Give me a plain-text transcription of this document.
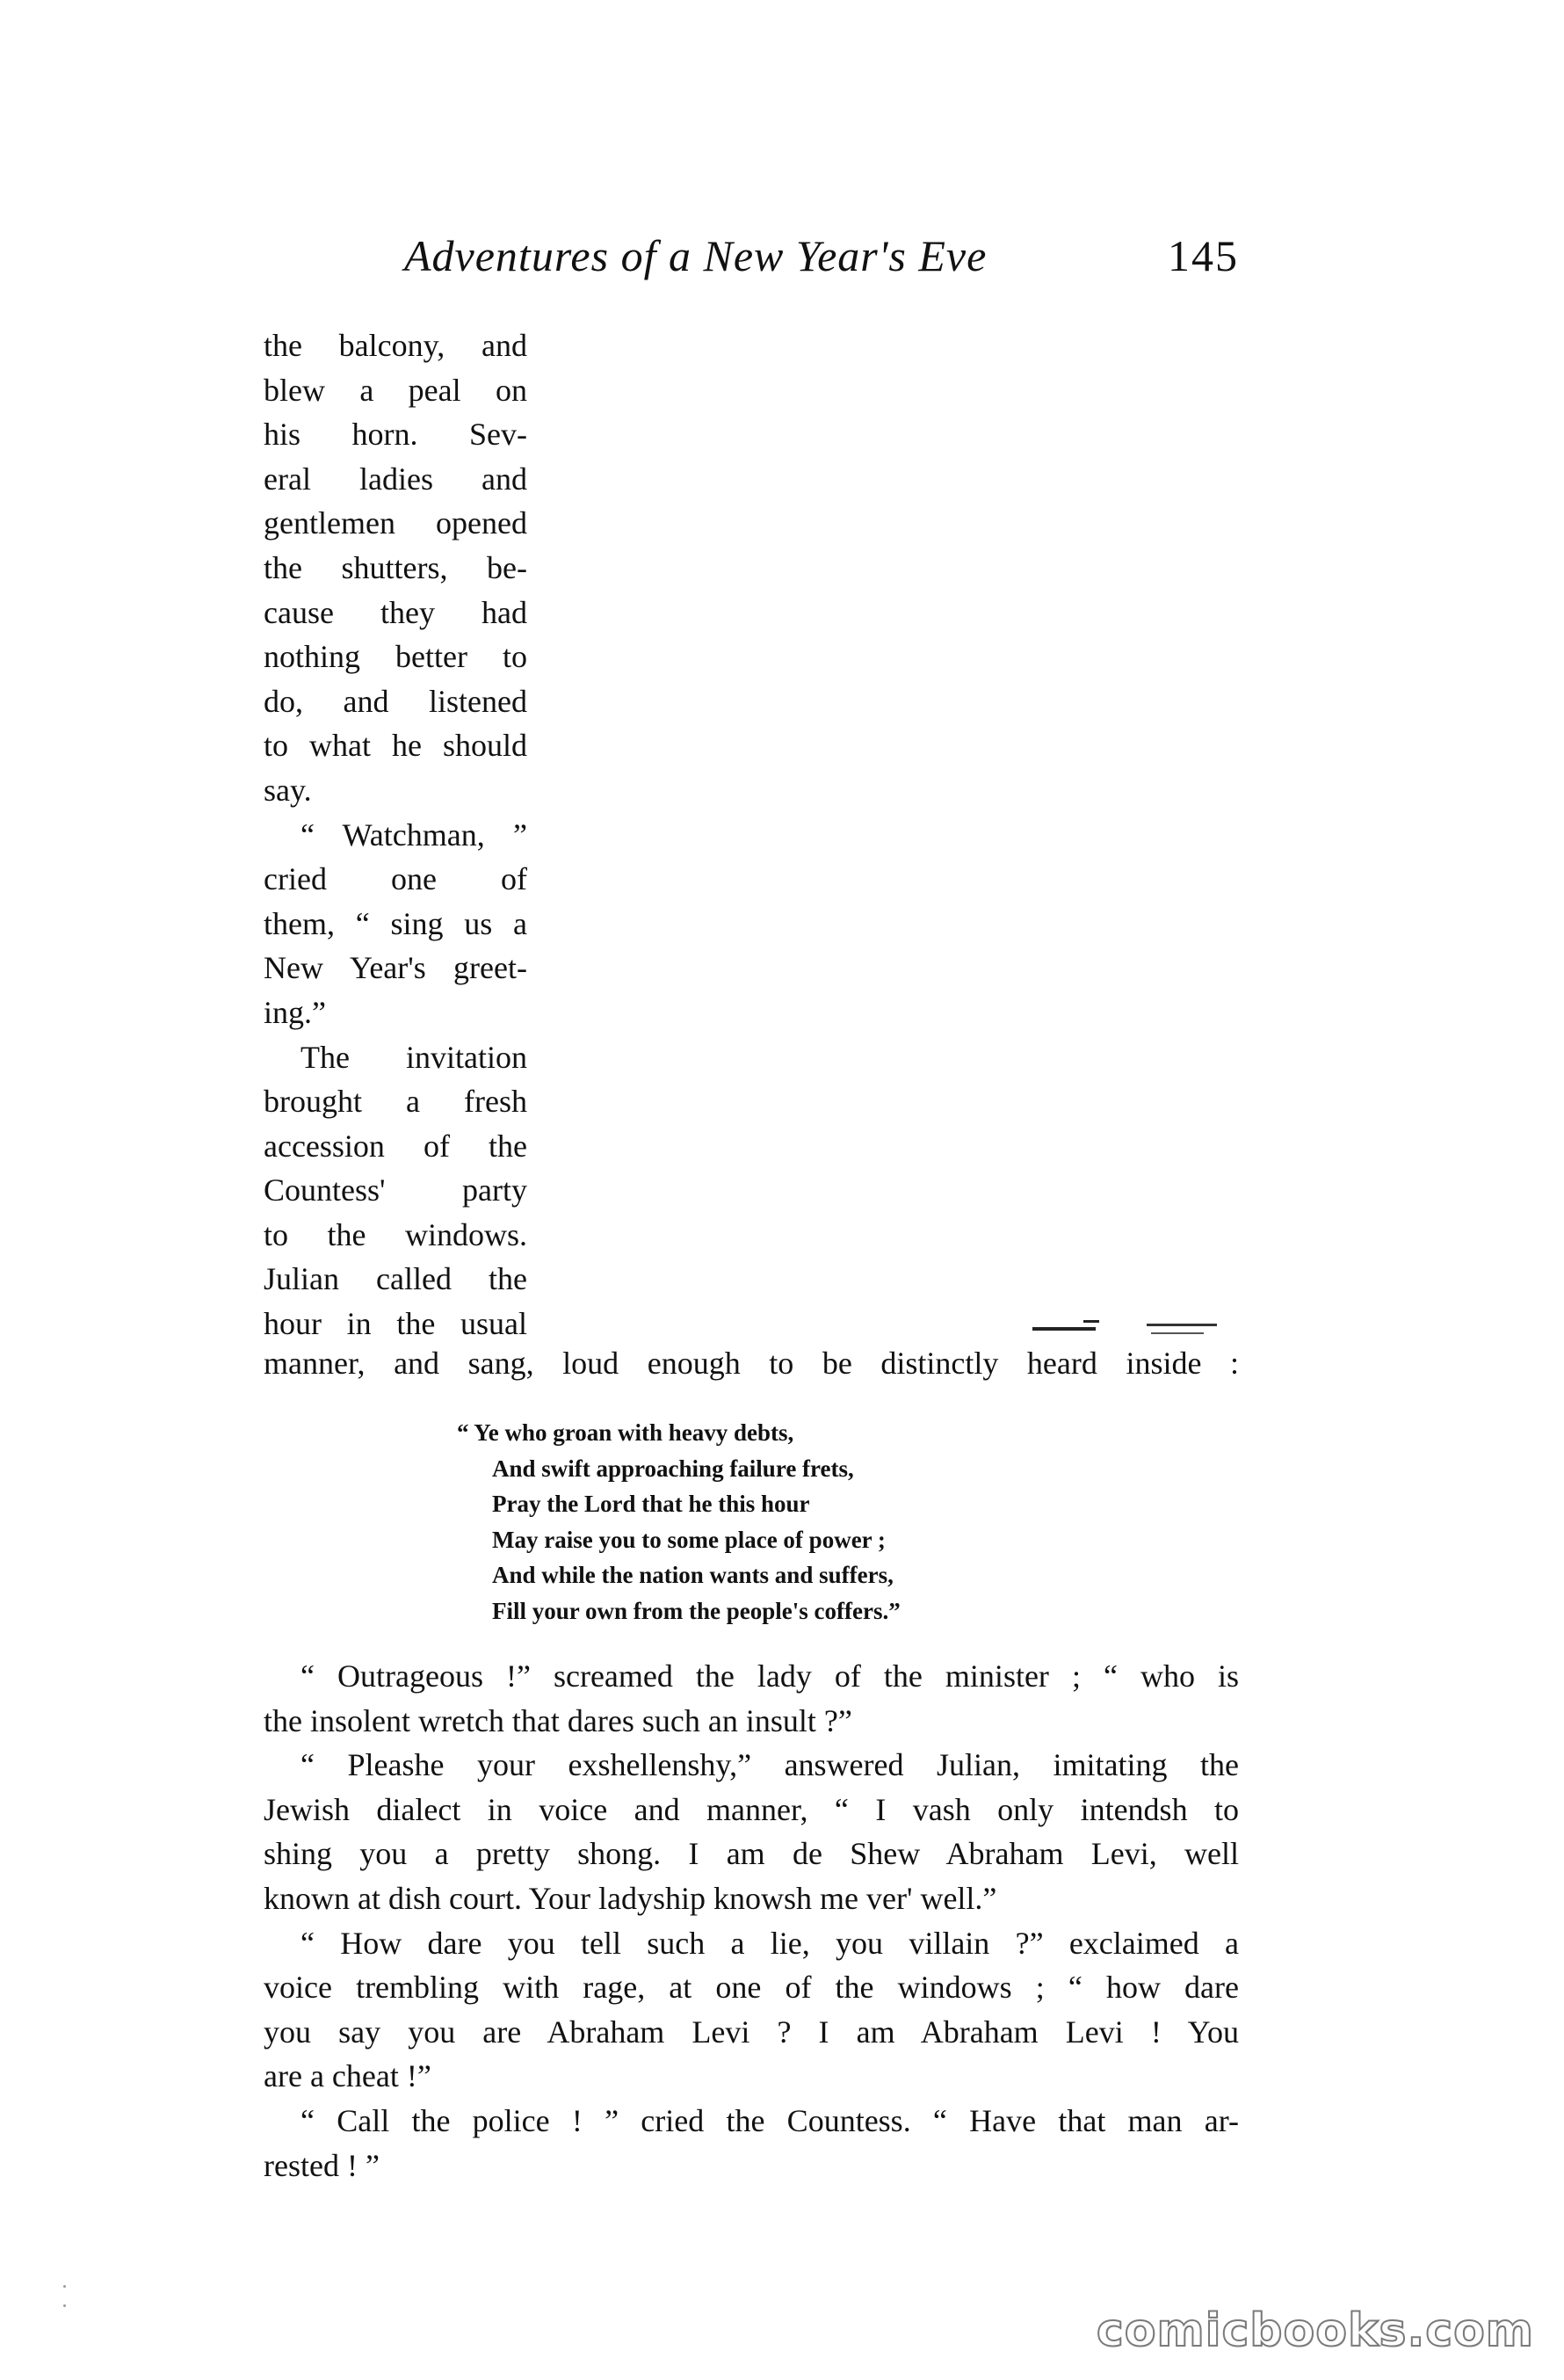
Adventures of a New Year's Eve	145
the balcony, and
blew a peal on
his horn. Sev-
eral ladies and
gentlemen opened
the shutters, be-
cause they had
nothing better to
do, and listened
to what he should
say.
“ Watchman, ”
cried one of
them, “ sing us a
New Year's greet-
ing.”
The invitation
brought a fresh
accession of the
Countess' party
to the windows.
Julian called the
hour in the usual
manner, and sang, loud enough to be distinctly heard inside :
“ Ye who groan with heavy debts,
And swift approaching failure frets,
Pray the Lord that he this hour
May raise you to some place of power ;
And while the nation wants and suffers,
Fill your own from the people's coffers.”
“ Outrageous !” screamed the lady of the minister ; “ who is
the insolent wretch that dares such an insult ?”
“ Pleashe your exshellenshy,” answered Julian, imitating the
Jewish dialect in voice and manner, “ I vash only intendsh to
shing you a pretty shong. I am de Shew Abraham Levi, well
known at dish court. Your ladyship knowsh me ver' well.”
“ How dare you tell such a lie, you villain ?” exclaimed a
voice trembling with rage, at one of the windows ; “ how dare
you say you are Abraham Levi ? I am Abraham Levi ! You
are a cheat !”
“ Call the police ! ” cried the Countess. “ Have that man ar-
rested ! ”
comicbooks.com
